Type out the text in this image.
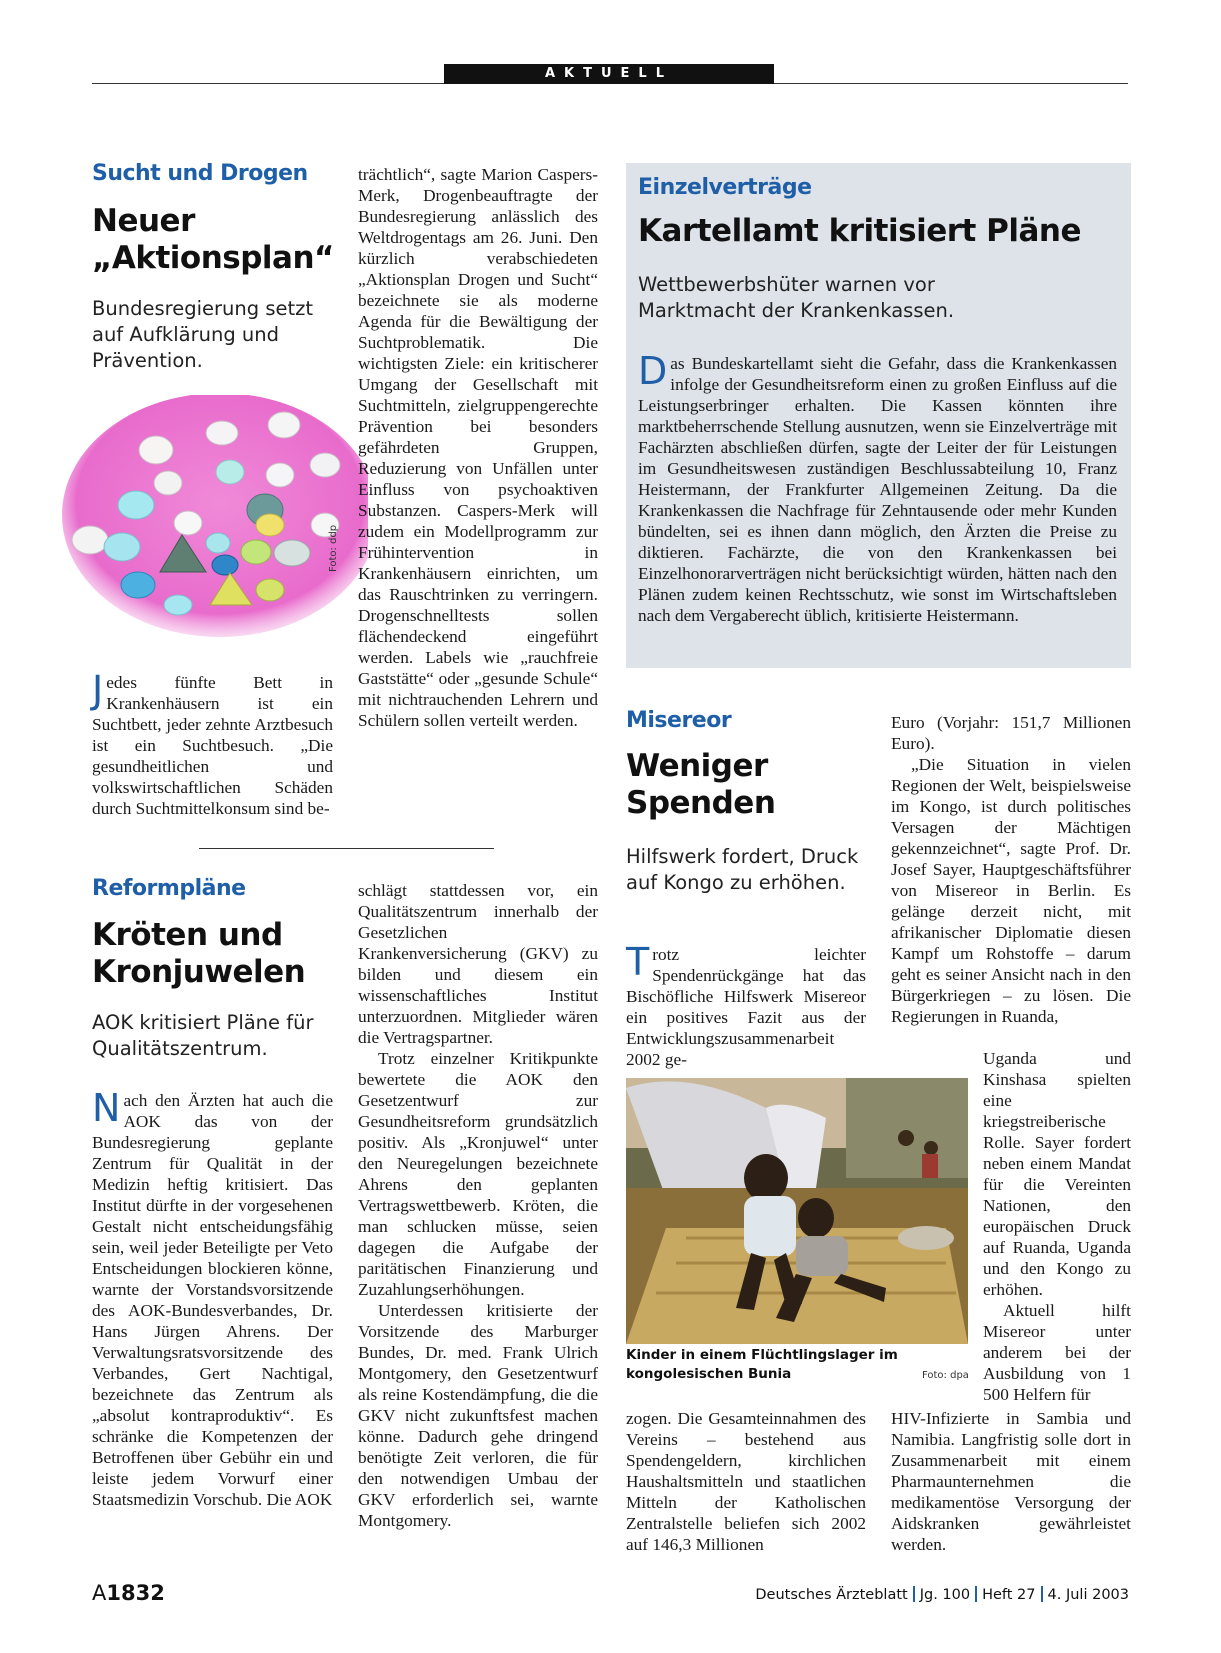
AKTUELL
Sucht und Drogen
Neuer
„Aktionsplan“
Bundesregierung setzt auf Aufklärung und Prävention.
Foto: ddp

Jedes fünfte Bett in Krankenhäusern ist ein Suchtbett, jeder zehnte Arztbesuch ist ein Suchtbesuch. „Die gesundheitlichen und volkswirtschaftlichen Schäden durch Suchtmittelkonsum sind be-

trächtlich“, sagte Marion Caspers-Merk, Drogenbeauftragte der Bundesregierung anlässlich des Weltdrogentags am 26. Juni. Den kürzlich verabschiedeten „Aktionsplan Drogen und Sucht“ bezeichnete sie als moderne Agenda für die Bewältigung der Suchtproblematik. Die wichtigsten Ziele: ein kritischerer Umgang der Gesellschaft mit Suchtmitteln, zielgruppengerechte Prävention bei besonders gefährdeten Gruppen, Reduzierung von Unfällen unter Einfluss von psychoaktiven Substanzen. Caspers-Merk will zudem ein Modellprogramm zur Frühintervention in Krankenhäusern einrichten, um das Rauschtrinken zu verringern. Drogenschnelltests sollen flächendeckend eingeführt werden. Labels wie „rauchfreie Gaststätte“ oder „gesunde Schule“ mit nichtrauchenden Lehrern und Schülern sollen verteilt werden.

Einzelverträge
Kartellamt kritisiert Pläne
Wettbewerbshüter warnen vor Marktmacht der Krankenkassen.

Das Bundeskartellamt sieht die Gefahr, dass die Krankenkassen infolge der Gesundheitsreform einen zu großen Einfluss auf die Leistungserbringer erhalten. Die Kassen könnten ihre marktbeherrschende Stellung ausnutzen, wenn sie Einzelverträge mit Fachärzten abschließen dürfen, sagte der Leiter der für Leistungen im Gesundheitswesen zuständigen Beschlussabteilung 10, Franz Heistermann, der Frankfurter Allgemeinen Zeitung. Da die Krankenkassen die Nachfrage für Zehntausende oder mehr Kunden bündelten, sei es ihnen dann möglich, den Ärzten die Preise zu diktieren. Fachärzte, die von den Krankenkassen bei Einzelhonorarverträgen nicht berücksichtigt würden, hätten nach den Plänen zudem keinen Rechtsschutz, wie sonst im Wirtschaftsleben nach dem Vergaberecht üblich, kritisierte Heistermann.

Reformpläne
Kröten und
Kronjuwelen
AOK kritisiert Pläne für Qualitätszentrum.

Nach den Ärzten hat auch die AOK das von der Bundesregierung geplante Zentrum für Qualität in der Medizin heftig kritisiert. Das Institut dürfte in der vorgesehenen Gestalt nicht entscheidungsfähig sein, weil jeder Beteiligte per Veto Entscheidungen blockieren könne, warnte der Vorstandsvorsitzende des AOK-Bundesverbandes, Dr. Hans Jürgen Ahrens. Der Verwaltungsratsvorsitzende des Verbandes, Gert Nachtigal, bezeichnete das Zentrum als „absolut kontraproduktiv“. Es schränke die Kompetenzen der Betroffenen über Gebühr ein und leiste jedem Vorwurf einer Staatsmedizin Vorschub. Die AOK

schlägt stattdessen vor, ein Qualitätszentrum innerhalb der Gesetzlichen Krankenversicherung (GKV) zu bilden und diesem ein wissenschaftliches Institut unterzuordnen. Mitglieder wären die Vertragspartner.

Trotz einzelner Kritikpunkte bewertete die AOK den Gesetzentwurf zur Gesundheitsreform grundsätzlich positiv. Als „Kronjuwel“ unter den Neuregelungen bezeichnete Ahrens den geplanten Vertragswettbewerb. Kröten, die man schlucken müsse, seien dagegen die Aufgabe der paritätischen Finanzierung und Zuzahlungserhöhungen.

Unterdessen kritisierte der Vorsitzende des Marburger Bundes, Dr. med. Frank Ulrich Montgomery, den Gesetzentwurf als reine Kostendämpfung, die die GKV nicht zukunftsfest machen könne. Dadurch gehe dringend benötigte Zeit verloren, die für den notwendigen Umbau der GKV erforderlich sei, warnte Montgomery.

Misereor
Weniger
Spenden
Hilfswerk fordert, Druck auf Kongo zu erhöhen.

Trotz leichter Spendenrückgänge hat das Bischöfliche Hilfswerk Misereor ein positives Fazit aus der Entwicklungszusammenarbeit 2002 ge-

Kinder in einem Flüchtlingslager im kongolesischen Bunia	Foto: dpa

zogen. Die Gesamteinnahmen des Vereins – bestehend aus Spendengeldern, kirchlichen Haushaltsmitteln und staatlichen Mitteln der Katholischen Zentralstelle beliefen sich 2002 auf 146,3 Millionen

Euro (Vorjahr: 151,7 Millionen Euro).

„Die Situation in vielen Regionen der Welt, beispielsweise im Kongo, ist durch politisches Versagen der Mächtigen gekennzeichnet“, sagte Prof. Dr. Josef Sayer, Hauptgeschäftsführer von Misereor in Berlin. Es gelänge derzeit nicht, mit afrikanischer Diplomatie diesen Kampf um Rohstoffe – darum geht es seiner Ansicht nach in den Bürgerkriegen – zu lösen. Die Regierungen in Ruanda,

Uganda und Kinshasa spielten eine kriegstreiberische Rolle. Sayer fordert neben einem Mandat für die Vereinten Nationen, den europäischen Druck auf Ruanda, Uganda und den Kongo zu erhöhen.

Aktuell hilft Misereor unter anderem bei der Ausbildung von 1 500 Helfern für

HIV-Infizierte in Sambia und Namibia. Langfristig solle dort in Zusammenarbeit mit einem Pharmaunternehmen die medikamentöse Versorgung der Aidskranken gewährleistet werden.

A1832	Deutsches Ärzteblatt Jg. 100 Heft 27 4. Juli 2003
